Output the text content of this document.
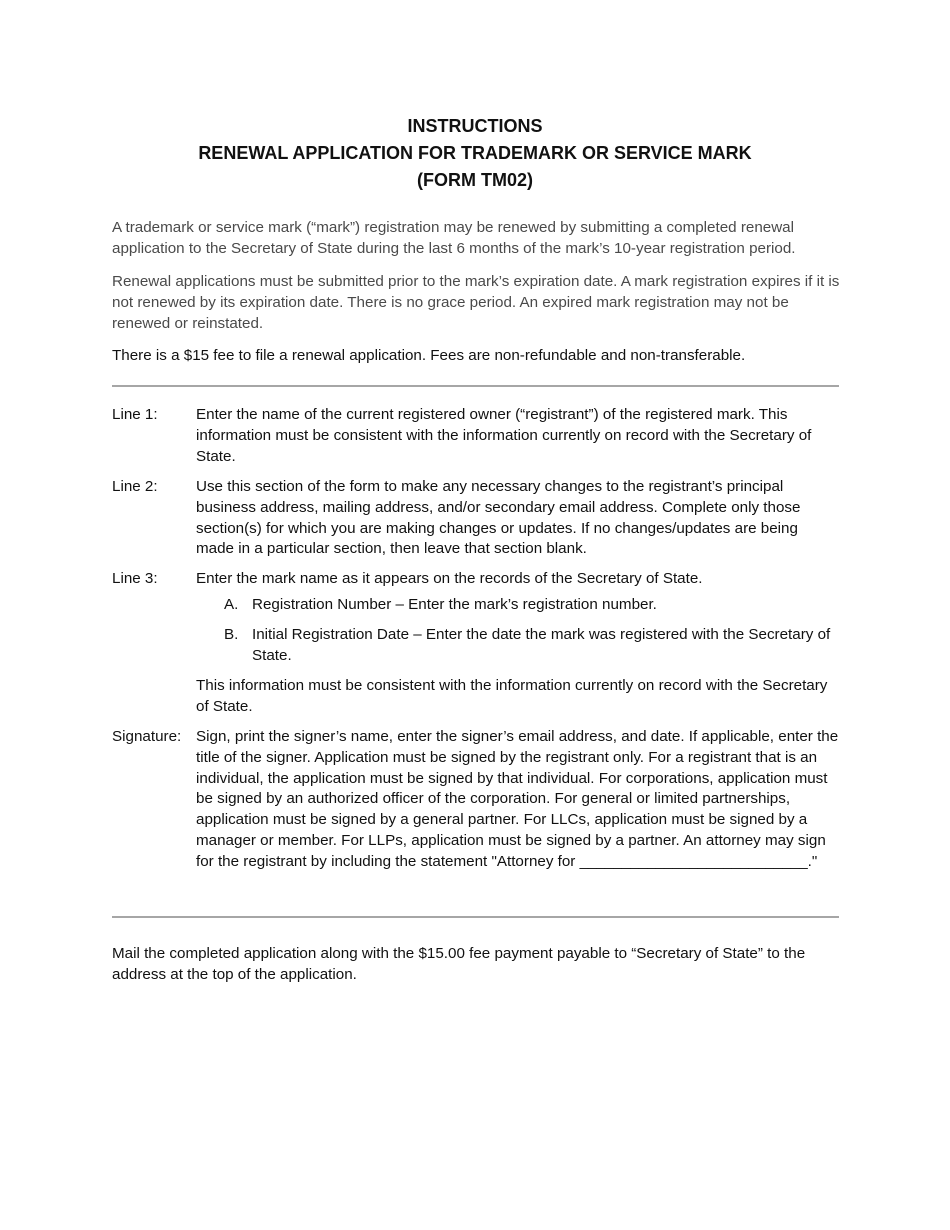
INSTRUCTIONS
RENEWAL APPLICATION FOR TRADEMARK OR SERVICE MARK
(FORM TM02)

A trademark or service mark (“mark”) registration may be renewed by submitting a completed renewal application to the Secretary of State during the last 6 months of the mark’s 10-year registration period.

Renewal applications must be submitted prior to the mark’s expiration date. A mark registration expires if it is not renewed by its expiration date. There is no grace period. An expired mark registration may not be renewed or reinstated.

There is a $15 fee to file a renewal application. Fees are non-refundable and non-transferable.

Line 1:	Enter the name of the current registered owner (“registrant”) of the registered mark. This information must be consistent with the information currently on record with the Secretary of State.
Line 2:	Use this section of the form to make any necessary changes to the registrant’s principal business address, mailing address, and/or secondary email address. Complete only those section(s) for which you are making changes or updates. If no changes/updates are being made in a particular section, then leave that section blank.
Line 3:	Enter the mark name as it appears on the records of the Secretary of State.
A. Registration Number – Enter the mark’s registration number.
B. Initial Registration Date – Enter the date the mark was registered with the Secretary of State.
This information must be consistent with the information currently on record with the Secretary of State.
Signature: Sign, print the signer’s name, enter the signer’s email address, and date. If applicable, enter the title of the signer. Application must be signed by the registrant only. For a registrant that is an individual, the application must be signed by that individual. For corporations, application must be signed by an authorized officer of the corporation. For general or limited partnerships, application must be signed by a general partner. For LLCs, application must be signed by a manager or member. For LLPs, application must be signed by a partner. An attorney may sign for the registrant by including the statement "Attorney for ___________________________."

Mail the completed application along with the $15.00 fee payment payable to “Secretary of State” to the address at the top of the application.
